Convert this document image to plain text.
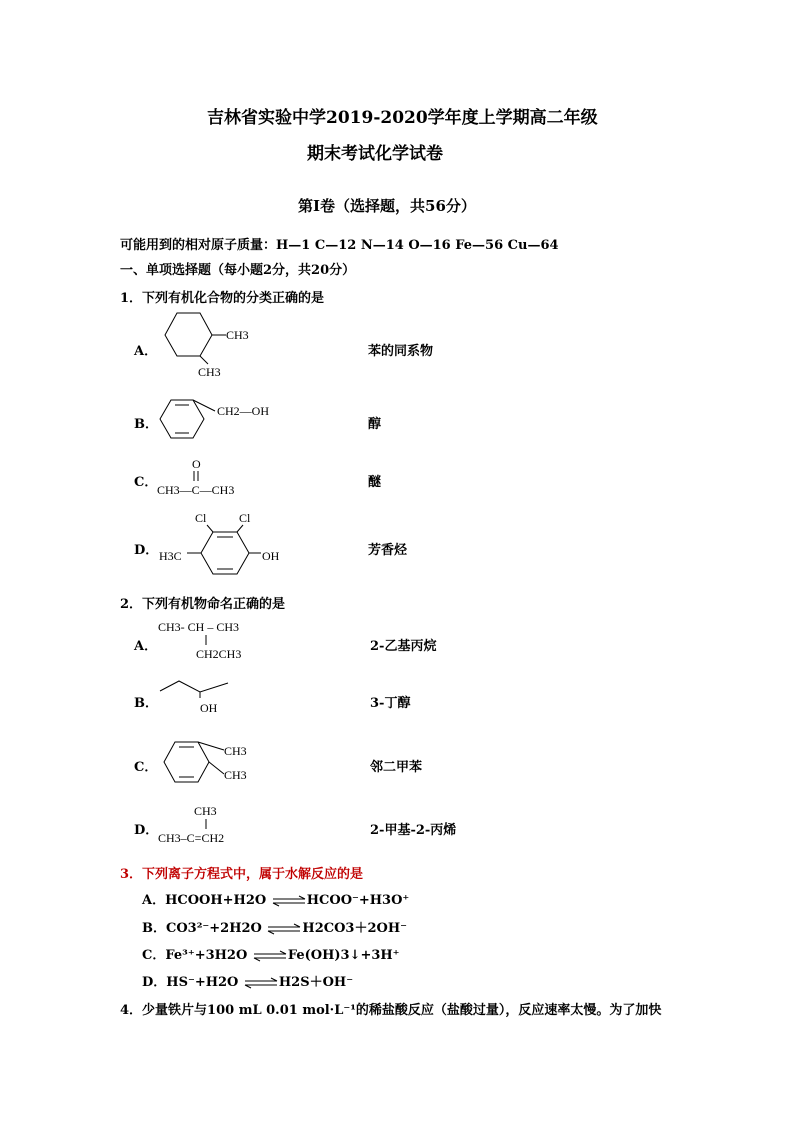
吉林省实验中学2019-2020学年度上学期高二年级
期末考试化学试卷
第I卷（选择题，共56分）
可能用到的相对原子质量：H—1 C—12 N—14 O—16 Fe—56 Cu—64
一、单项选择题（每小题2分，共20分）
1．下列有机化合物的分类正确的是
A．
CH3
CH3
苯的同系物
B．
CH2—OH
醇
C．
O
CH3—C—CH3	醚
D．
Cl	Cl
H3C	OH	芳香烃
2．下列有机物命名正确的是
A．
CH3- CH – CH3
CH2CH3	2-乙基丙烷
B．	OH	3-丁醇
C．
CH3
CH3	邻二甲苯
D．
CH3
CH3–C=CH2	2-甲基-2-丙烯
3．下列离子方程式中，属于水解反应的是
A．HCOOH+H2O ⇌HCOO⁻+H3O⁺
B．CO3²⁻+2H2O ⇌H2CO3＋2OH⁻
C．Fe³⁺+3H2O ⇌Fe(OH)3↓+3H⁺
D．HS⁻+H2O ⇌H2S＋OH⁻
4．少量铁片与100 mL 0.01 mol·L⁻¹的稀盐酸反应（盐酸过量），反应速率太慢。为了加快
